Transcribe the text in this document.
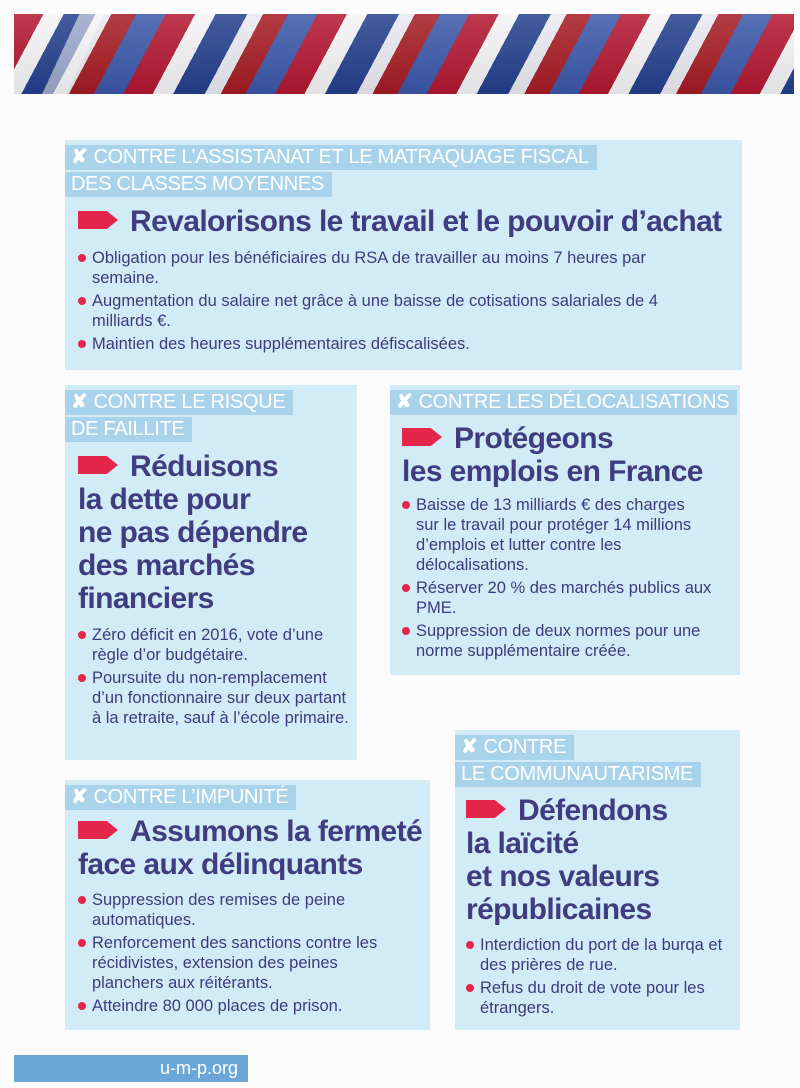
✘ CONTRE L’ASSISTANAT ET LE MATRAQUAGE FISCAL
DES CLASSES MOYENNES
Revalorisons le travail et le pouvoir d’achat
Obligation pour les bénéficiaires du RSA de travailler au moins 7 heures par semaine.
Augmentation du salaire net grâce à une baisse de cotisations salariales de 4 milliards €.
Maintien des heures supplémentaires défiscalisées.
✘ CONTRE LE RISQUE
DE FAILLITE
Réduisons
la dette pour
ne pas dépendre
des marchés
financiers
Zéro déficit en 2016, vote d’une règle d’or budgétaire.
Poursuite du non-remplacement d’un fonctionnaire sur deux partant à la retraite, sauf à l’école primaire.
✘ CONTRE LES DÉLOCALISATIONS
Protégeons
les emplois en France
Baisse de 13 milliards € des charges sur le travail pour protéger 14 millions d’emplois et lutter contre les délocalisations.
Réserver 20 % des marchés publics aux PME.
Suppression de deux normes pour une norme supplémentaire créée.
✘ CONTRE L’IMPUNITÉ
Assumons la fermeté
face aux délinquants
Suppression des remises de peine automatiques.
Renforcement des sanctions contre les récidivistes, extension des peines planchers aux réitérants.
Atteindre 80 000 places de prison.
✘ CONTRE
LE COMMUNAUTARISME
Défendons
la laïcité
et nos valeurs
républicaines
Interdiction du port de la burqa et des prières de rue.
Refus du droit de vote pour les étrangers.
u-m-p.org
